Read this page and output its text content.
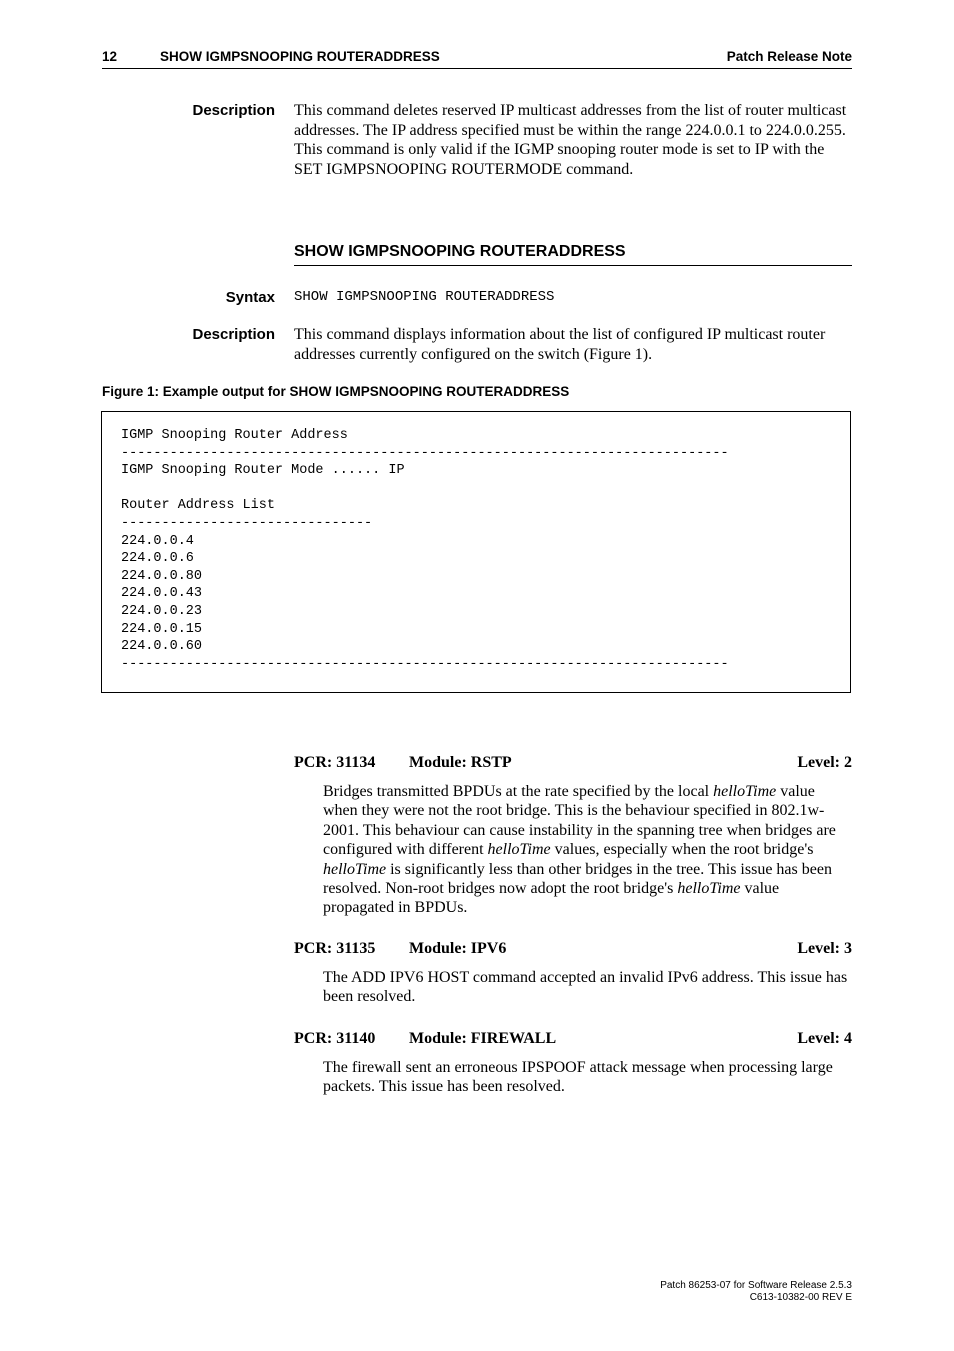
12	SHOW IGMPSNOOPING ROUTERADDRESS	Patch Release Note
Description This command deletes reserved IP multicast addresses from the list of router multicast addresses. The IP address specified must be within the range 224.0.0.1 to 224.0.0.255. This command is only valid if the IGMP snooping router mode is set to IP with the SET IGMPSNOOPING ROUTERMODE command.
SHOW IGMPSNOOPING ROUTERADDRESS
Syntax SHOW IGMPSNOOPING ROUTERADDRESS
Description This command displays information about the list of configured IP multicast router addresses currently configured on the switch (Figure 1).
Figure 1: Example output for SHOW IGMPSNOOPING ROUTERADDRESS
IGMP Snooping Router Address
---------------------------------------------------------------------------
IGMP Snooping Router Mode ...... IP

Router Address List
-------------------------------
224.0.0.4
224.0.0.6
224.0.0.80
224.0.0.43
224.0.0.23
224.0.0.15
224.0.0.60
---------------------------------------------------------------------------
PCR: 31134 Module: RSTP	Level: 2
Bridges transmitted BPDUs at the rate specified by the local helloTime value when they were not the root bridge. This is the behaviour specified in 802.1w-2001. This behaviour can cause instability in the spanning tree when bridges are configured with different helloTime values, especially when the root bridge's helloTime is significantly less than other bridges in the tree. This issue has been resolved. Non-root bridges now adopt the root bridge's helloTime value propagated in BPDUs.
PCR: 31135 Module: IPV6	Level: 3
The ADD IPV6 HOST command accepted an invalid IPv6 address. This issue has been resolved.
PCR: 31140 Module: FIREWALL	Level: 4
The firewall sent an erroneous IPSPOOF attack message when processing large packets. This issue has been resolved.
Patch 86253-07 for Software Release 2.5.3
C613-10382-00 REV E
